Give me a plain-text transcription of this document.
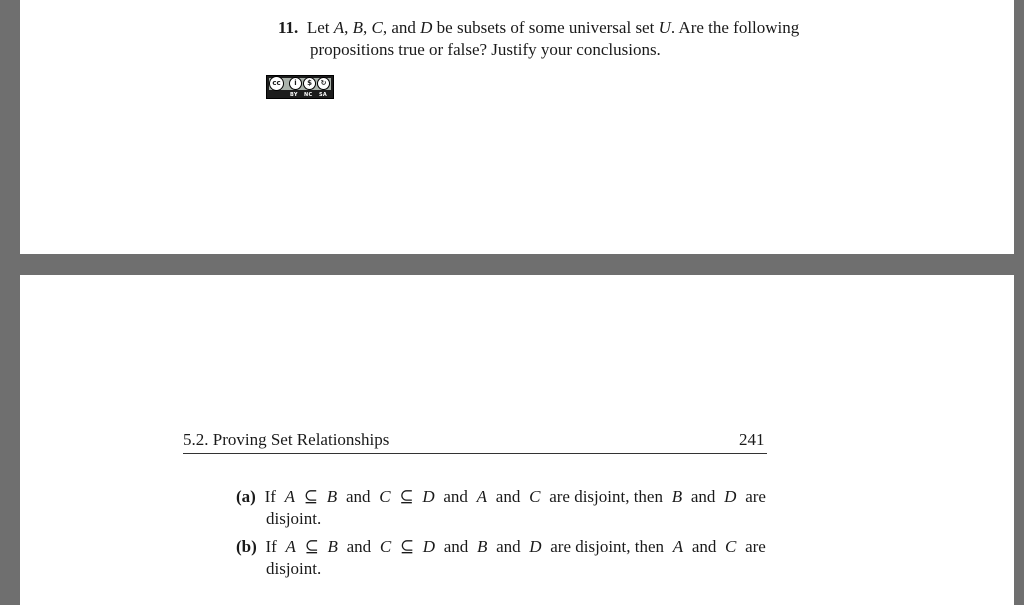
11. Let A, B, C, and D be subsets of some universal set U. Are the following
propositions true or false? Justify your conclusions.
cc	i	$	↻
BY NC SA
5.2. Proving Set Relationships	241
(a) If A ⊆ B and C ⊆ D and A and C are disjoint, then B and D are
disjoint.
(b) If A ⊆ B and C ⊆ D and B and D are disjoint, then A and C are
disjoint.
